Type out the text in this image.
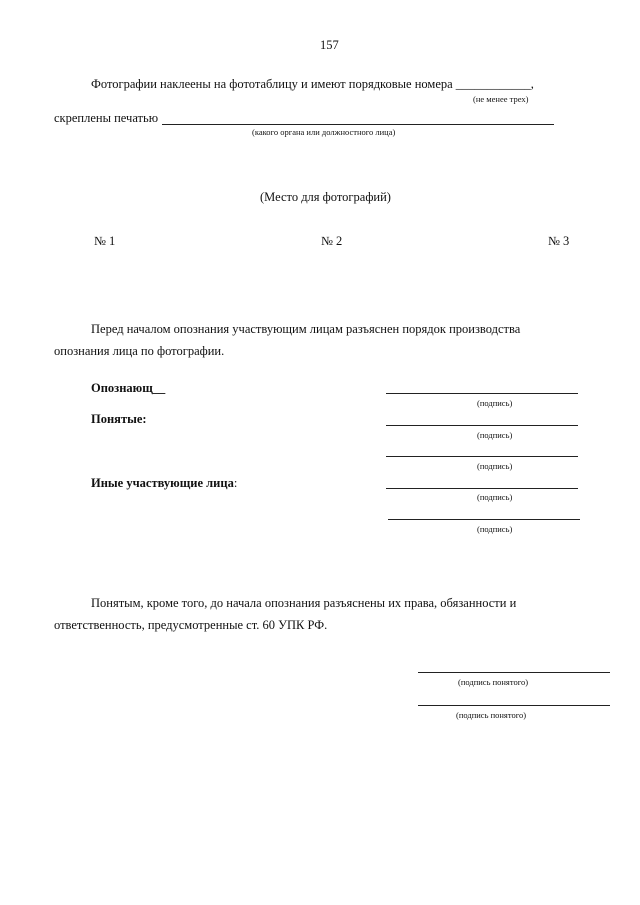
157
Фотографии наклеены на фототаблицу и имеют порядковые номера ____________,
(не менее трех)
скреплены печатью
(какого органа или должностного лица)
(Место для фотографий)
№ 1	№ 2	№ 3
Перед началом опознания участвующим лицам разъяснен порядок производства
опознания лица по фотографии.
Опознающ__
(подпись)
Понятые:
(подпись)
(подпись)
Иные участвующие лица:
(подпись)
(подпись)
Понятым, кроме того, до начала опознания разъяснены их права, обязанности и
ответственность, предусмотренные ст. 60 УПК РФ.
(подпись понятого)
(подпись понятого)
